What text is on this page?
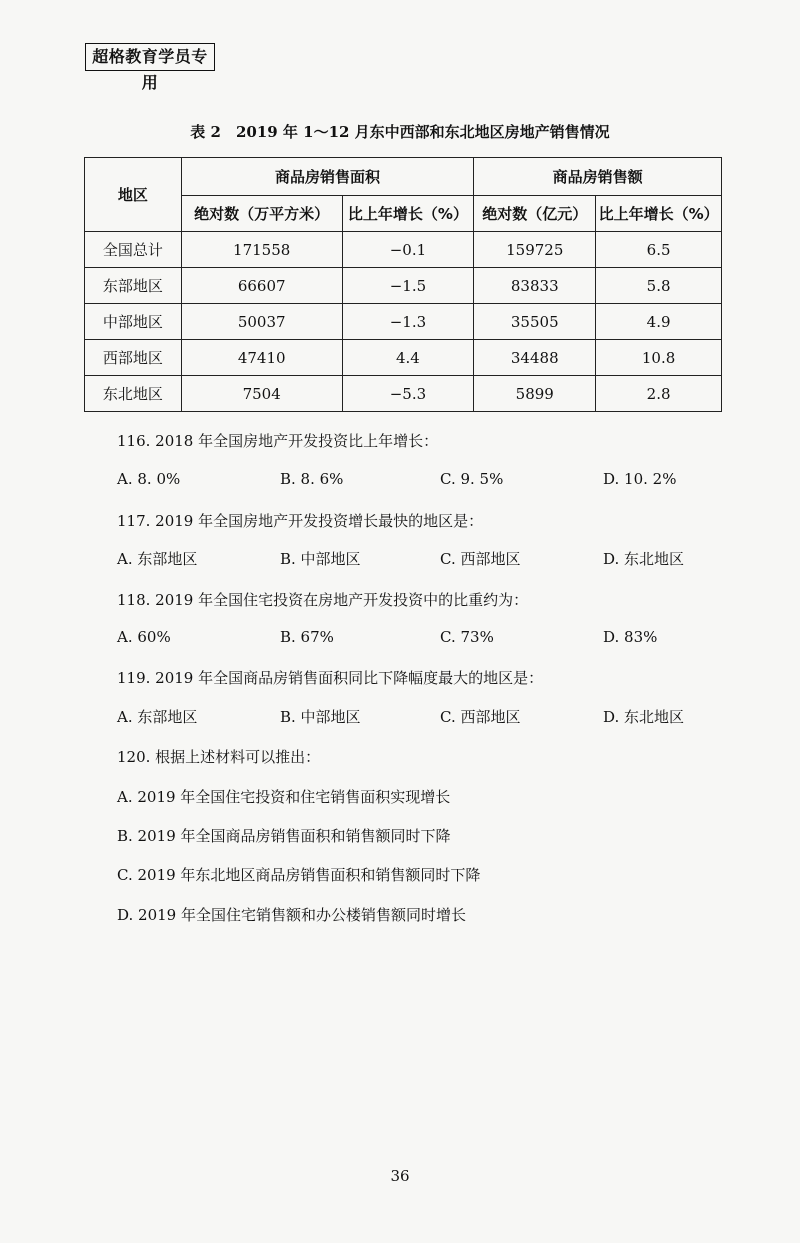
超格教育学员专用
表 2　2019 年 1～12 月东中西部和东北地区房地产销售情况
地区	商品房销售面积		商品房销售额	
	绝对数（万平方米）	比上年增长（%）	绝对数（亿元）	比上年增长（%）
全国总计	171558	−0.1	159725	6.5
东部地区	66607	−1.5	83833	5.8
中部地区	50037	−1.3	35505	4.9
西部地区	47410	4.4	34488	10.8
东北地区	7504	−5.3	5899	2.8
116. 2018 年全国房地产开发投资比上年增长：
A. 8. 0%	B. 8. 6%	C. 9. 5%	D. 10. 2%
117. 2019 年全国房地产开发投资增长最快的地区是：
A. 东部地区	B. 中部地区	C. 西部地区	D. 东北地区
118. 2019 年全国住宅投资在房地产开发投资中的比重约为：
A. 60%	B. 67%	C. 73%	D. 83%
119. 2019 年全国商品房销售面积同比下降幅度最大的地区是：
A. 东部地区	B. 中部地区	C. 西部地区	D. 东北地区
120. 根据上述材料可以推出：
A. 2019 年全国住宅投资和住宅销售面积实现增长
B. 2019 年全国商品房销售面积和销售额同时下降
C. 2019 年东北地区商品房销售面积和销售额同时下降
D. 2019 年全国住宅销售额和办公楼销售额同时增长
36
